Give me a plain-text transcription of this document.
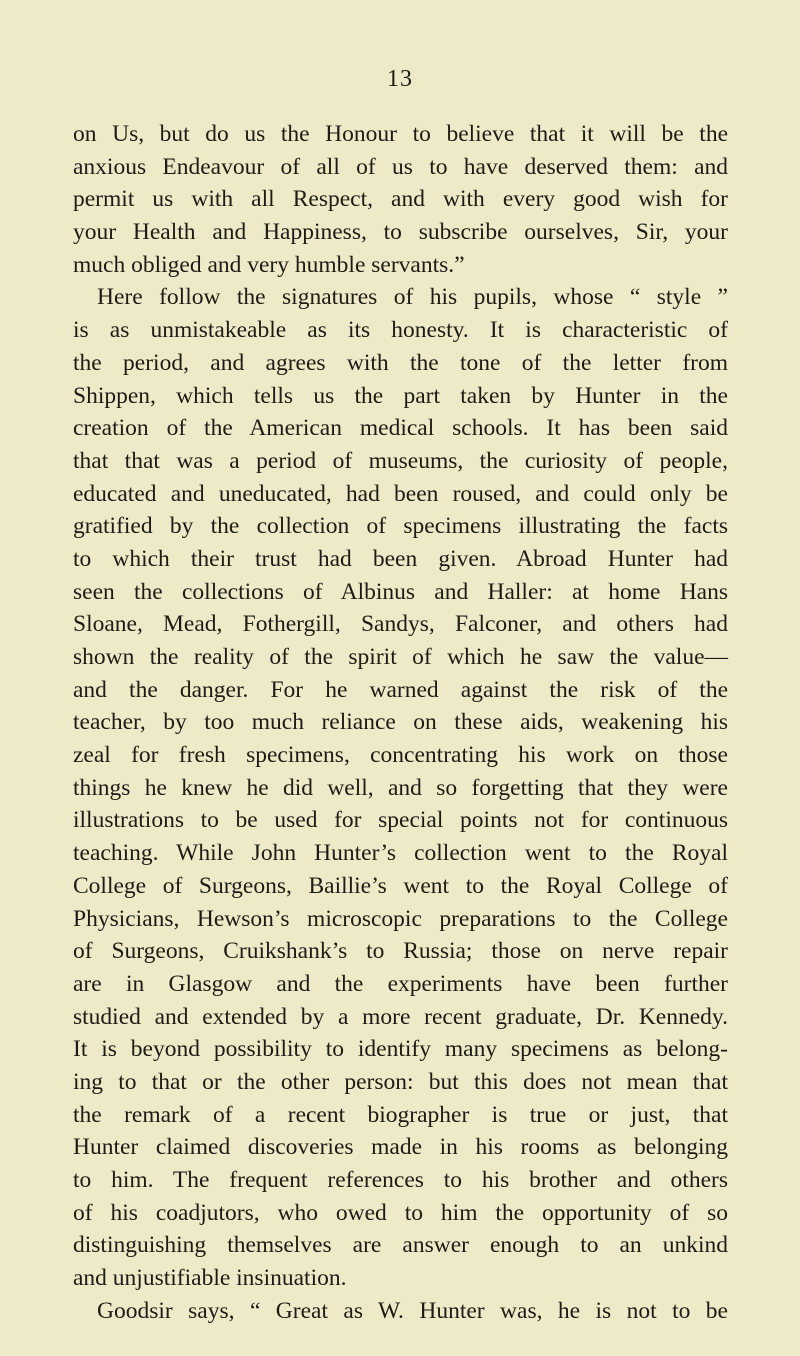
13
on Us, but do us the Honour to believe that it will be the
anxious Endeavour of all of us to have deserved them: and
permit us with all Respect, and with every good wish for
your Health and Happiness, to subscribe ourselves, Sir, your
much obliged and very humble servants.”
Here follow the signatures of his pupils, whose “ style ”
is as unmistakeable as its honesty. It is characteristic of
the period, and agrees with the tone of the letter from
Shippen, which tells us the part taken by Hunter in the
creation of the American medical schools. It has been said
that that was a period of museums, the curiosity of people,
educated and uneducated, had been roused, and could only be
gratified by the collection of specimens illustrating the facts
to which their trust had been given. Abroad Hunter had
seen the collections of Albinus and Haller: at home Hans
Sloane, Mead, Fothergill, Sandys, Falconer, and others had
shown the reality of the spirit of which he saw the value—
and the danger. For he warned against the risk of the
teacher, by too much reliance on these aids, weakening his
zeal for fresh specimens, concentrating his work on those
things he knew he did well, and so forgetting that they were
illustrations to be used for special points not for continuous
teaching. While John Hunter’s collection went to the Royal
College of Surgeons, Baillie’s went to the Royal College of
Physicians, Hewson’s microscopic preparations to the College
of Surgeons, Cruikshank’s to Russia; those on nerve repair
are in Glasgow and the experiments have been further
studied and extended by a more recent graduate, Dr. Kennedy.
It is beyond possibility to identify many specimens as belong-
ing to that or the other person: but this does not mean that
the remark of a recent biographer is true or just, that
Hunter claimed discoveries made in his rooms as belonging
to him. The frequent references to his brother and others
of his coadjutors, who owed to him the opportunity of so
distinguishing themselves are answer enough to an unkind
and unjustifiable insinuation.
Goodsir says, “ Great as W. Hunter was, he is not to be
